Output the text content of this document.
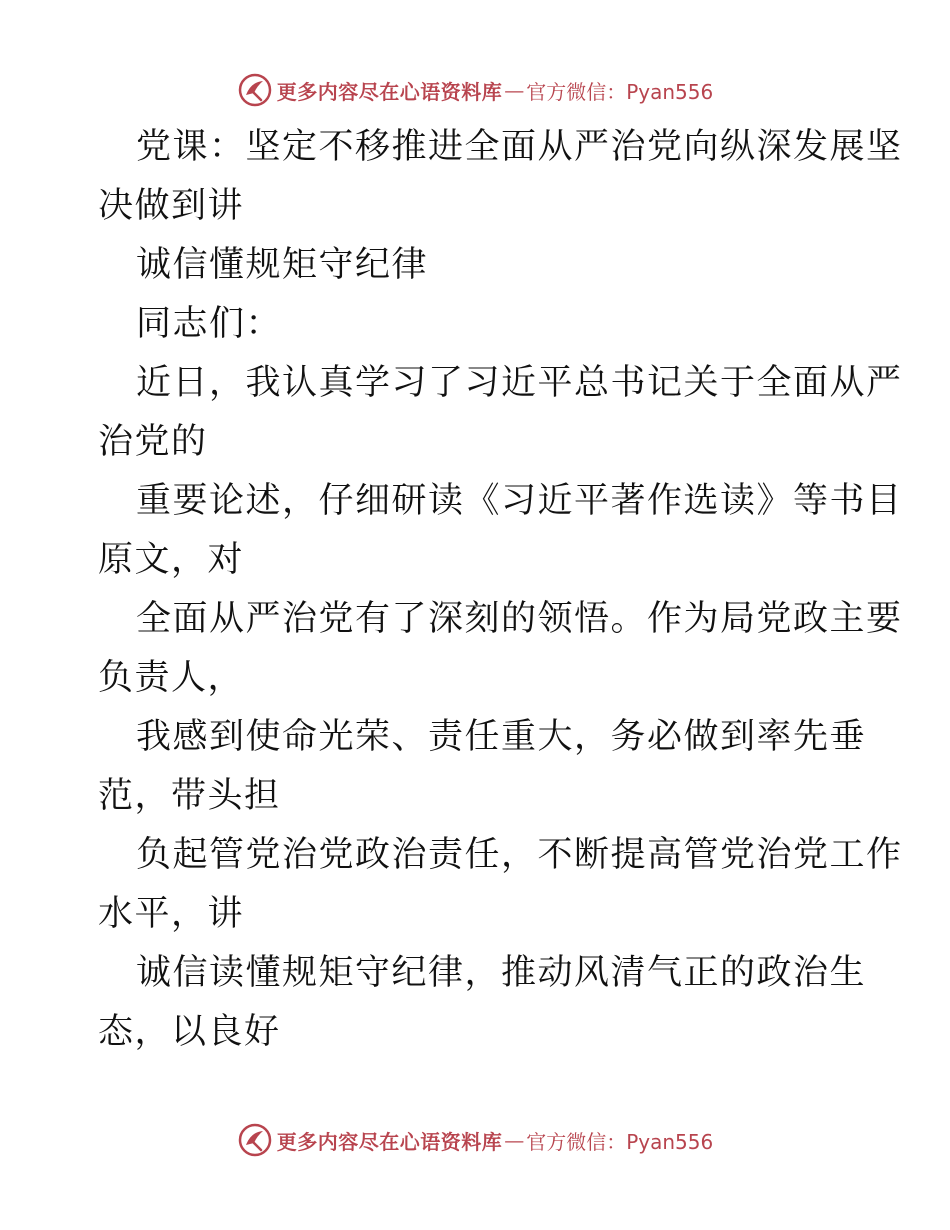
更多内容尽在心语资料库 — 官方微信：Pyan556
党课：坚定不移推进全面从严治党向纵深发展坚
决做到讲
诚信懂规矩守纪律
同志们：
近日，我认真学习了习近平总书记关于全面从严
治党的
重要论述，仔细研读《习近平著作选读》等书目
原文，对
全面从严治党有了深刻的领悟。作为局党政主要
负责人，
我感到使命光荣、责任重大，务必做到率先垂
范，带头担
负起管党治党政治责任，不断提高管党治党工作
水平，讲
诚信读懂规矩守纪律，推动风清气正的政治生
态，以良好
更多内容尽在心语资料库 — 官方微信：Pyan556
